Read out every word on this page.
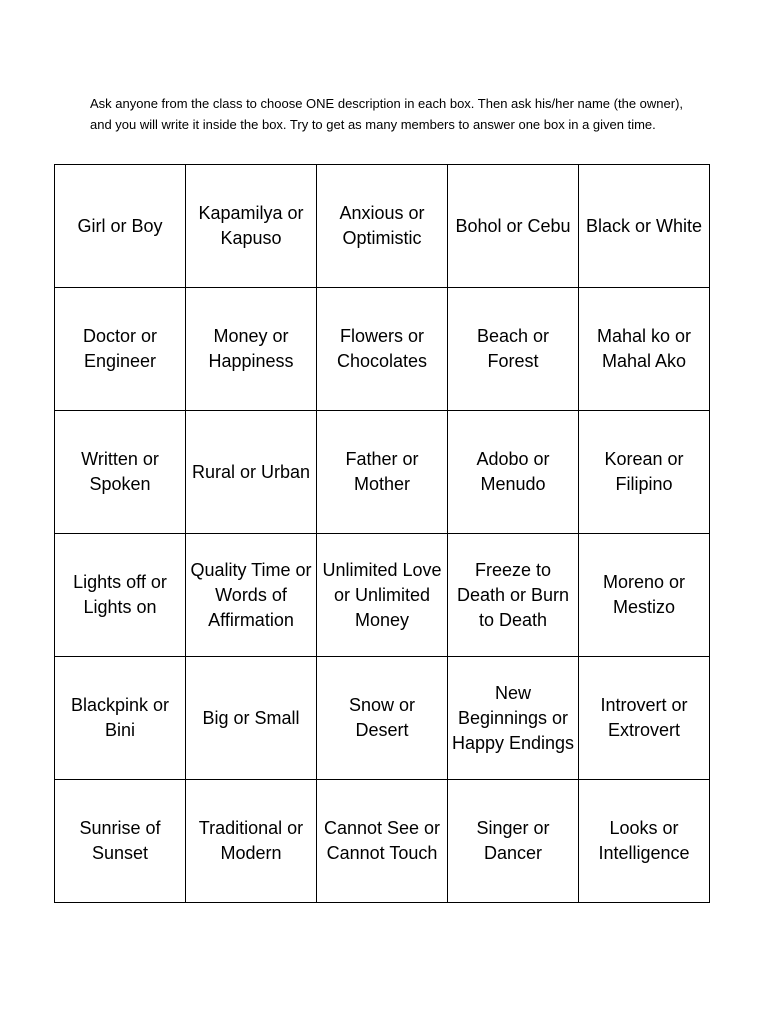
Ask anyone from the class to choose ONE description in each box. Then ask his/her name (the owner), and you will write it inside the box. Try to get as many members to answer one box in a given time.

Girl or Boy	Kapamilya or Kapuso	Anxious or Optimistic	Bohol or Cebu	Black or White
Doctor or Engineer	Money or Happiness	Flowers or Chocolates	Beach or Forest	Mahal ko or Mahal Ako
Written or Spoken	Rural or Urban	Father or Mother	Adobo or Menudo	Korean or Filipino
Lights off or Lights on	Quality Time or Words of Affirmation	Unlimited Love or Unlimited Money	Freeze to Death or Burn to Death	Moreno or Mestizo
Blackpink or Bini	Big or Small	Snow or Desert	New Beginnings or Happy Endings	Introvert or Extrovert
Sunrise of Sunset	Traditional or Modern	Cannot See or Cannot Touch	Singer or Dancer	Looks or Intelligence
